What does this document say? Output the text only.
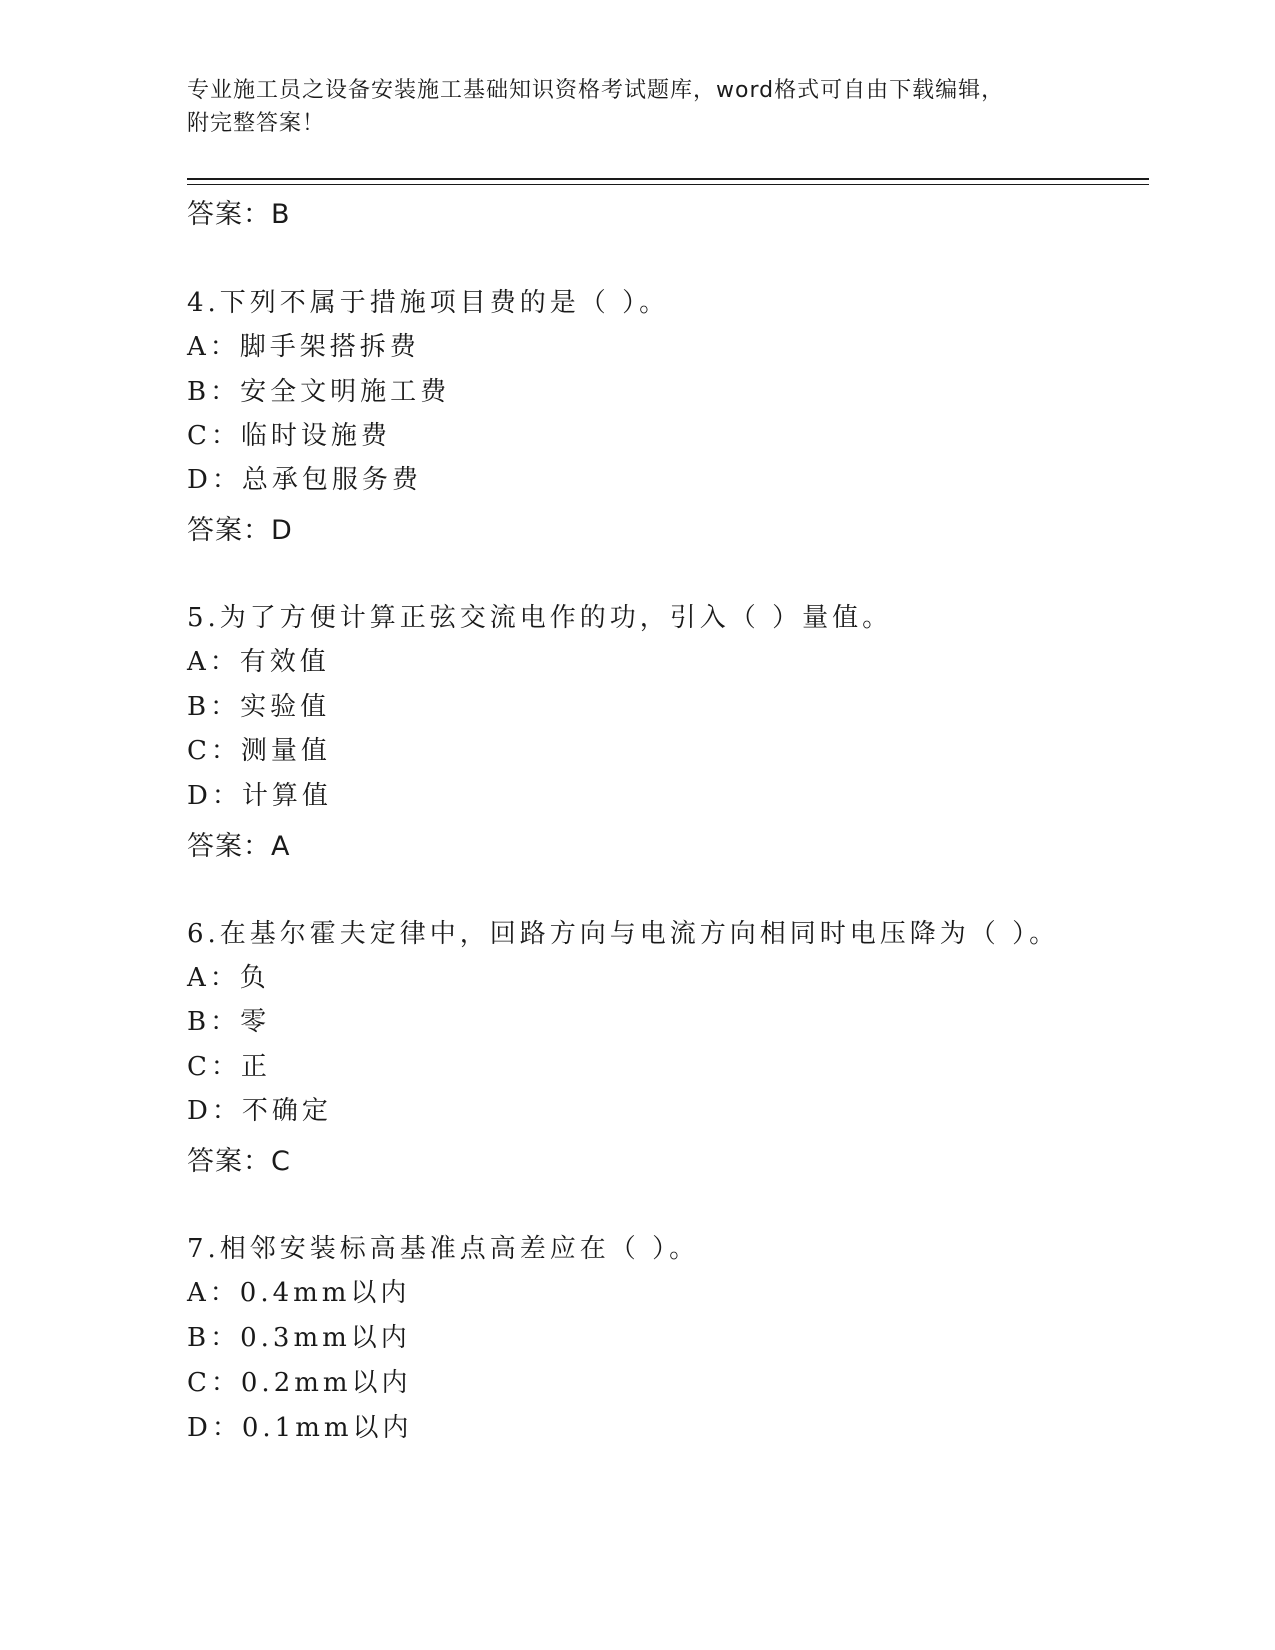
专业施工员之设备安装施工基础知识资格考试题库，word格式可自由下载编辑，
附完整答案！
答案：B
4.下列不属于措施项目费的是（ ）。
A：脚手架搭拆费
B：安全文明施工费
C：临时设施费
D：总承包服务费
答案：D
5.为了方便计算正弦交流电作的功，引入（ ）量值。
A：有效值
B：实验值
C：测量值
D：计算值
答案：A
6.在基尔霍夫定律中，回路方向与电流方向相同时电压降为（ ）。
A：负
B：零
C：正
D：不确定
答案：C
7.相邻安装标高基准点高差应在（ ）。
A：0.4mm以内
B：0.3mm以内
C：0.2mm以内
D：0.1mm以内
